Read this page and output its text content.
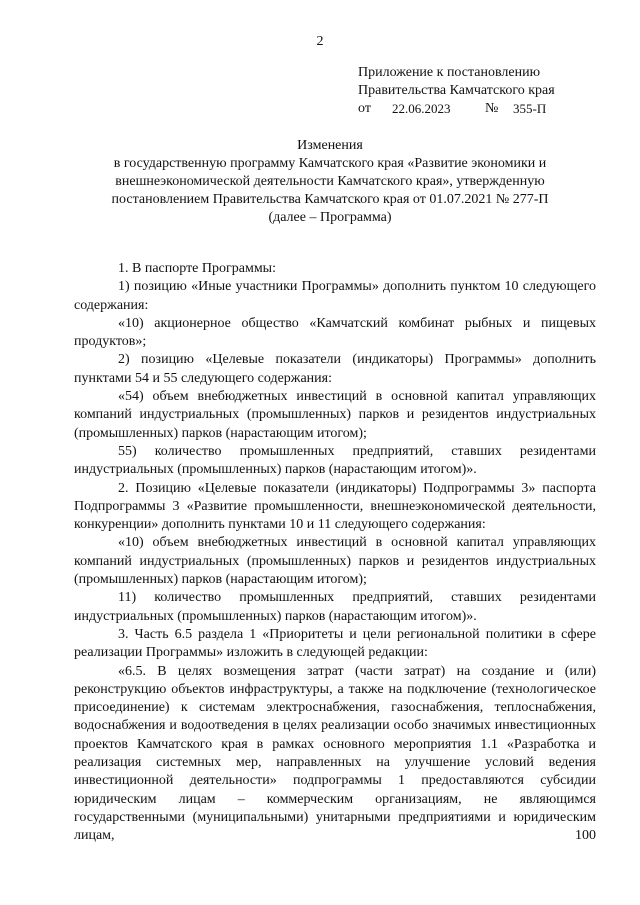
2
Приложение к постановлению
Правительства Камчатского края
от 22.06.2023 № 355-П
Изменения
в государственную программу Камчатского края «Развитие экономики и
внешнеэкономической деятельности Камчатского края», утвержденную
постановлением Правительства Камчатского края от 01.07.2021 № 277-П
(далее – Программа)

1. В паспорте Программы:

1) позицию «Иные участники Программы» дополнить пунктом 10 следующего содержания:

«10) акционерное общество «Камчатский комбинат рыбных и пищевых продуктов»;

2) позицию «Целевые показатели (индикаторы) Программы» дополнить пунктами 54 и 55 следующего содержания:

«54) объем внебюджетных инвестиций в основной капитал управляющих компаний индустриальных (промышленных) парков и резидентов индустриальных (промышленных) парков (нарастающим итогом);

55) количество промышленных предприятий, ставших резидентами индустриальных (промышленных) парков (нарастающим итогом)».

2. Позицию «Целевые показатели (индикаторы) Подпрограммы 3» паспорта Подпрограммы 3 «Развитие промышленности, внешнеэкономической деятельности, конкуренции» дополнить пунктами 10 и 11 следующего содержания:

«10) объем внебюджетных инвестиций в основной капитал управляющих компаний индустриальных (промышленных) парков и резидентов индустриальных (промышленных) парков (нарастающим итогом);

11) количество промышленных предприятий, ставших резидентами индустриальных (промышленных) парков (нарастающим итогом)».

3. Часть 6.5 раздела 1 «Приоритеты и цели региональной политики в сфере реализации Программы» изложить в следующей редакции:

«6.5. В целях возмещения затрат (части затрат) на создание и (или) реконструкцию объектов инфраструктуры, а также на подключение (технологическое присоединение) к системам электроснабжения, газоснабжения, теплоснабжения, водоснабжения и водоотведения в целях реализации особо значимых инвестиционных проектов Камчатского края в рамках основного мероприятия 1.1 «Разработка и реализация системных мер, направленных на улучшение условий ведения инвестиционной деятельности» подпрограммы 1 предоставляются субсидии юридическим лицам – коммерческим организациям, не являющимся государственными (муниципальными) унитарными предприятиями и юридическим лицам, 100
